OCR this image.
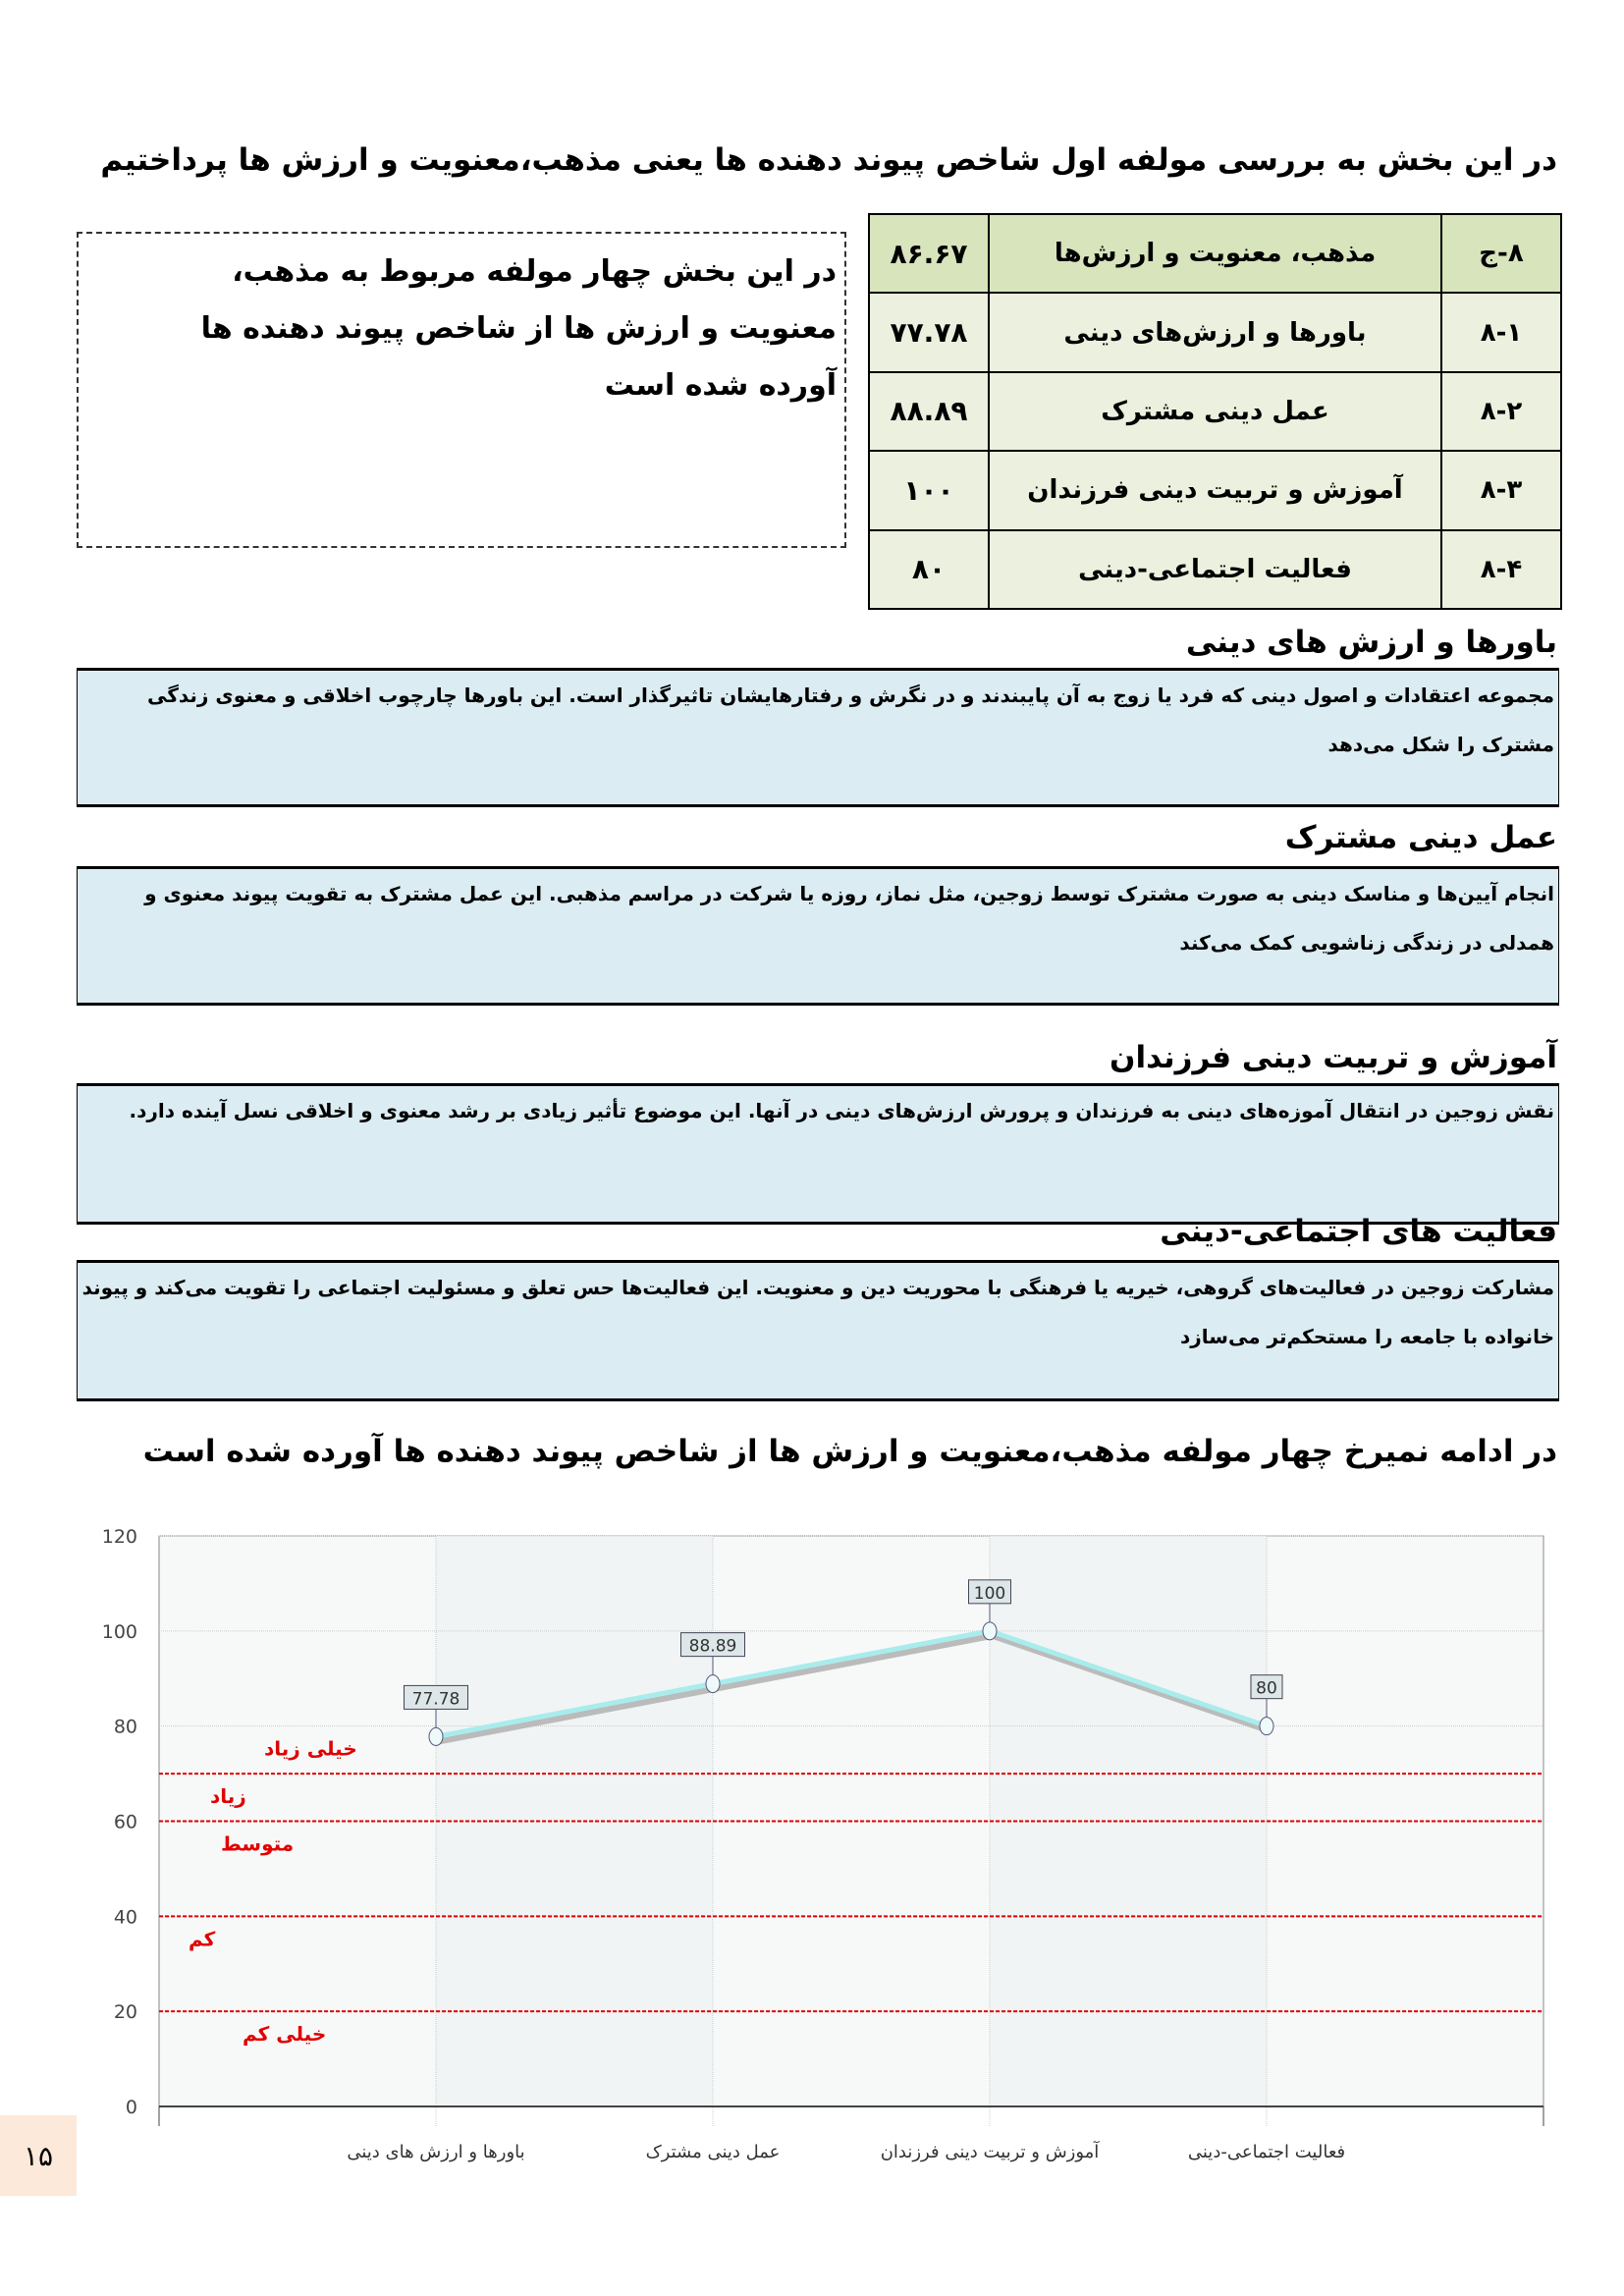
در این بخش به بررسی مولفه اول شاخص پیوند دهنده ها یعنی مذهب،معنویت و ارزش ها پرداختیم
در این بخش چهار مولفه مربوط به مذهب، معنویت و ارزش ها از شاخص پیوند دهنده ها آورده شده است
۸-ج	مذهب، معنویت و ارزش‌ها	۸۶.۶۷
۸-۱	باورها و ارزش‌های دینی	۷۷.۷۸
۸-۲	عمل دینی مشترک	۸۸.۸۹
۸-۳	آموزش و تربیت دینی فرزندان	۱۰۰
۸-۴	فعالیت اجتماعی-دینی	۸۰
باورها و ارزش های دینی
مجموعه اعتقادات و اصول دینی که فرد یا زوج به آن پایبندند و در نگرش و رفتارهایشان تاثیرگذار است. این باورها چارچوب اخلاقی و معنوی زندگی مشترک را شکل می‌دهد
عمل دینی مشترک
انجام آیین‌ها و مناسک دینی به صورت مشترک توسط زوجین، مثل نماز، روزه یا شرکت در مراسم مذهبی. این عمل مشترک به تقویت پیوند معنوی و همدلی در زندگی زناشویی کمک می‌کند
آموزش و تربیت دینی فرزندان
نقش زوجین در انتقال آموزه‌های دینی به فرزندان و پرورش ارزش‌های دینی در آنها. این موضوع تأثیر زیادی بر رشد معنوی و اخلاقی نسل آینده دارد.
فعالیت های اجتماعی-دینی
مشارکت زوجین در فعالیت‌های گروهی، خیریه یا فرهنگی با محوریت دین و معنویت. این فعالیت‌ها حس تعلق و مسئولیت اجتماعی را تقویت می‌کند و پیوند خانواده با جامعه را مستحکم‌تر می‌سازد
در ادامه نمیرخ چهار مولفه مذهب،معنویت و ارزش ها از شاخص پیوند دهنده ها آورده شده است
0
20
40
60
80
100
120
باورها و ارزش های دینی	عمل دینی مشترک	آموزش و تربیت دینی فرزندان	فعالیت اجتماعی-دینی
خیلی زیاد
زیاد
متوسط
کم
خیلی کم
77.78
88.89
100
80
۱۵
